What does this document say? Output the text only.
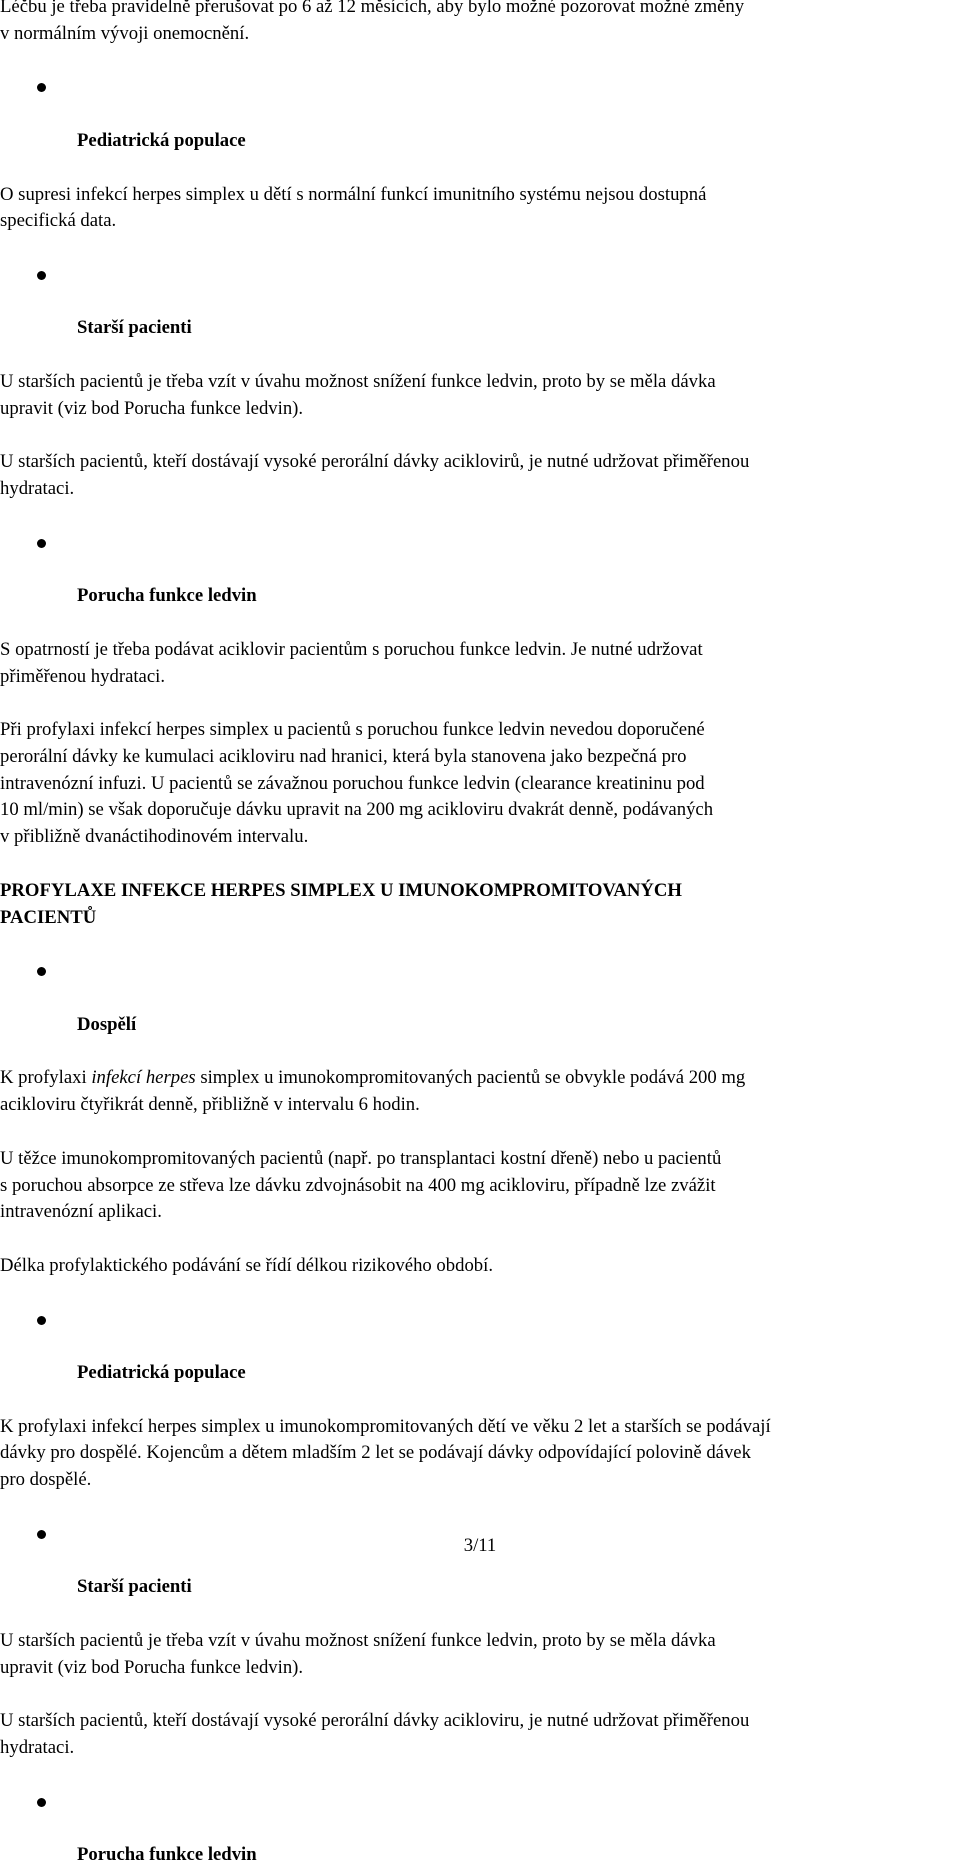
Léčbu je třeba pravidelně přerušovat po 6 až 12 měsících, aby bylo možné pozorovat možné změny
v normálním vývoji onemocnění.

Pediatrická populace

O supresi infekcí herpes simplex u dětí s normální funkcí imunitního systému nejsou dostupná
specifická data.

Starší pacienti

U starších pacientů je třeba vzít v úvahu možnost snížení funkce ledvin, proto by se měla dávka
upravit (viz bod Porucha funkce ledvin).

U starších pacientů, kteří dostávají vysoké perorální dávky aciklovirů, je nutné udržovat přiměřenou
hydrataci.

Porucha funkce ledvin

S opatrností je třeba podávat aciklovir pacientům s poruchou funkce ledvin. Je nutné udržovat
přiměřenou hydrataci.

Při profylaxi infekcí herpes simplex u pacientů s poruchou funkce ledvin nevedou doporučené
perorální dávky ke kumulaci acikloviru nad hranici, která byla stanovena jako bezpečná pro
intravenózní infuzi. U pacientů se závažnou poruchou funkce ledvin (clearance kreatininu pod
10 ml/min) se však doporučuje dávku upravit na 200 mg acikloviru dvakrát denně, podávaných
v přibližně dvanáctihodinovém intervalu.

PROFYLAXE INFEKCE HERPES SIMPLEX U IMUNOKOMPROMITOVANÝCH
PACIENTŮ

Dospělí

K profylaxi infekcí herpes simplex u imunokompromitovaných pacientů se obvykle podává 200 mg
acikloviru čtyřikrát denně, přibližně v intervalu 6 hodin.

U těžce imunokompromitovaných pacientů (např. po transplantaci kostní dřeně) nebo u pacientů
s poruchou absorpce ze střeva lze dávku zdvojnásobit na 400 mg acikloviru, případně lze zvážit
intravenózní aplikaci.

Délka profylaktického podávání se řídí délkou rizikového období.

Pediatrická populace

K profylaxi infekcí herpes simplex u imunokompromitovaných dětí ve věku 2 let a starších se podávají
dávky pro dospělé. Kojencům a dětem mladším 2 let se podávají dávky odpovídající polovině dávek
pro dospělé.

Starší pacienti

U starších pacientů je třeba vzít v úvahu možnost snížení funkce ledvin, proto by se měla dávka
upravit (viz bod Porucha funkce ledvin).

U starších pacientů, kteří dostávají vysoké perorální dávky acikloviru, je nutné udržovat přiměřenou
hydrataci.

Porucha funkce ledvin

3/11
